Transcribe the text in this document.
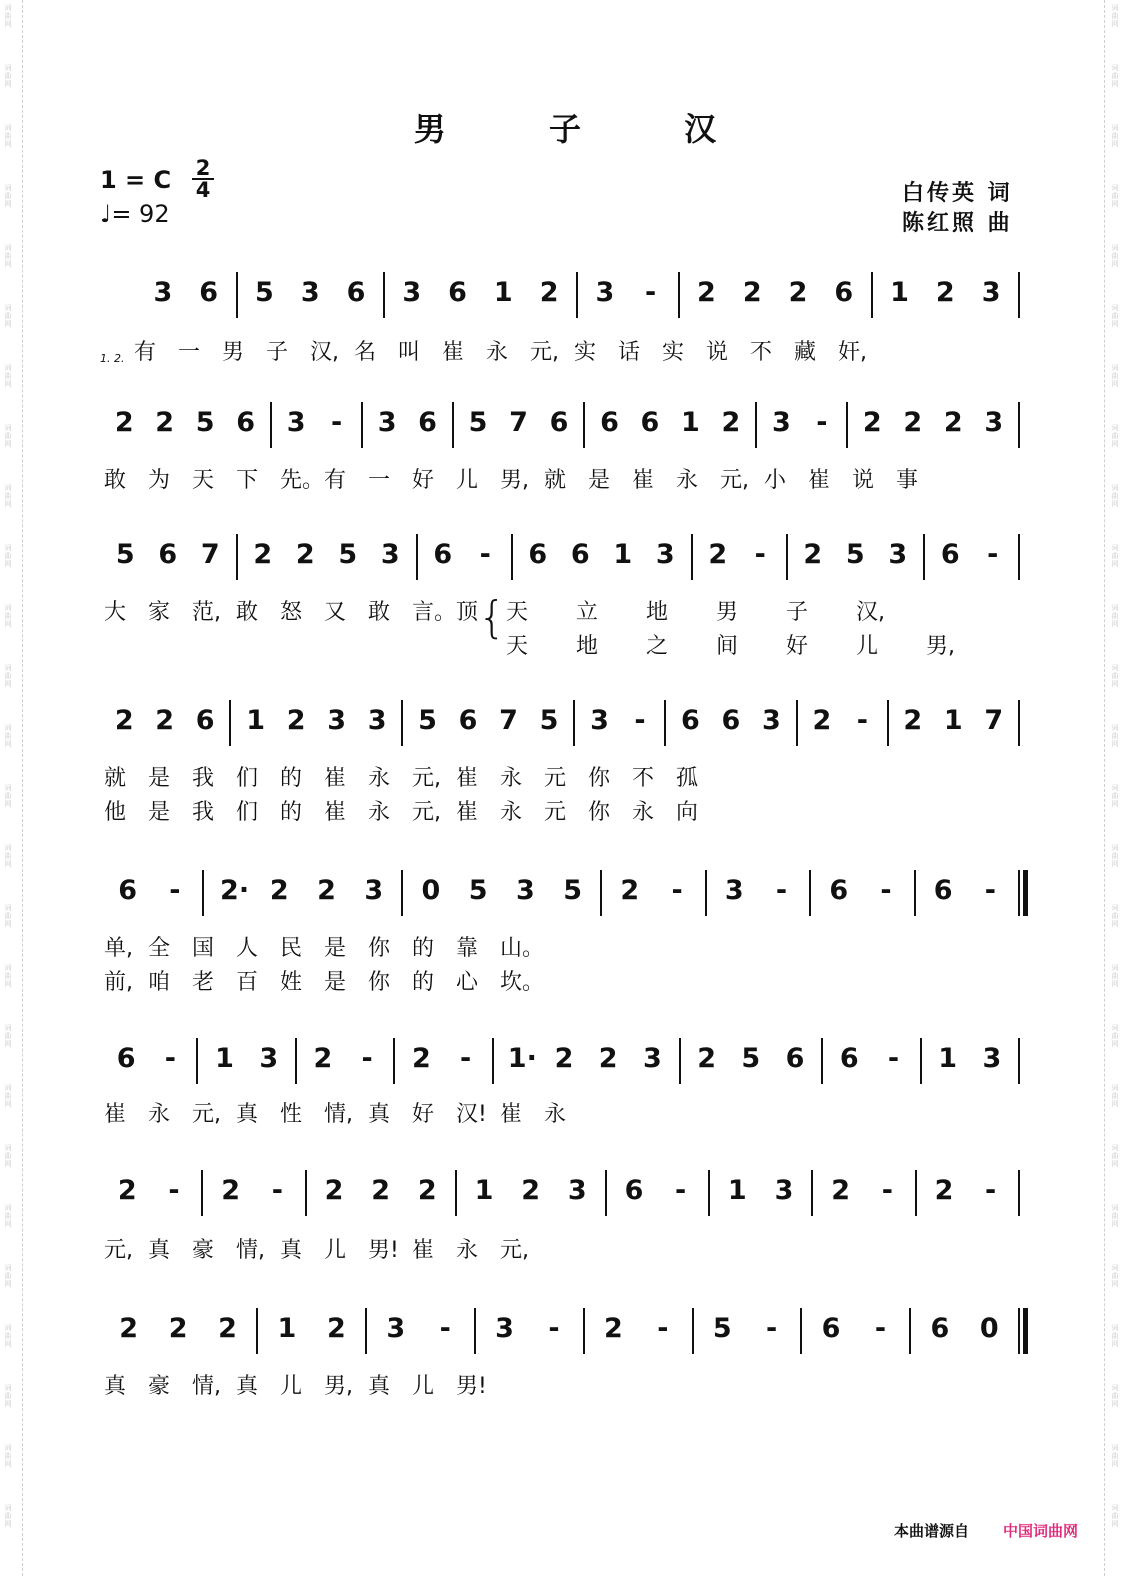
词
曲
网
词
曲
网
词
曲
网
词
曲
网
词
曲
网
词
曲
网
词
曲
网
词
曲
网
词
曲
网
词
曲
网
词
曲
网
词
曲
网
词
曲
网
词
曲
网
词
曲
网
词
曲
网
词
曲
网
词
曲
网
词
曲
网
词
曲
网
词
曲
网
词
曲
网
词
曲
网
词
曲
网
词
曲
网
词
曲
网
词
曲
网
词
曲
网
词
曲
网
词
曲
网
词
曲
网
词
曲
网
词
曲
网
词
曲
网
词
曲
网
词
曲
网
词
曲
网
词
曲
网
词
曲
网
词
曲
网
词
曲
网
词
曲
网
词
曲
网
词
曲
网
词
曲
网
词
曲
网
词
曲
网
词
曲
网
词
曲
网
词
曲
网
词
曲
网
词
曲
网
男 子 汉
1 = C 2
4
♩= 92
白传英 词
陈红照 曲
3 6 5 3 6 3 6 1 2 3 - 2 2 2 6 1 2 3
有 一 男 子 汉, 名 叫 崔 永 元, 实 话 实 说 不 藏 奸,
1. 2.
2 2 5 6 3 - 3 6 5 7 6 6 6 1 2 3 - 2 2 2 3
敢 为 天 下 先。 有 一 好 儿 男, 就 是 崔 永 元, 小 崔 说 事
5 6 7 2 2 5 3 6 - 6 6 1 3 2 - 2 5 3 6 -
大 家 范, 敢 怒 又 敢 言。 顶 天 立 地 男 子 汉,
天 地 之 间 好 儿 男,
{
2 2 6 1 2 3 3 5 6 7 5 3 - 6 6 3 2 - 2 1 7
就 是 我 们 的 崔 永 元, 崔 永 元 你 不 孤
他 是 我 们 的 崔 永 元, 崔 永 元 你 永 向
6 - 2· 2 2 3 0 5 3 5 2 - 3 - 6 - 6 -
单, 全 国 人 民 是 你 的 靠 山。
前, 咱 老 百 姓 是 你 的 心 坎。
6 - 1 3 2 - 2 - 1· 2 2 3 2 5 6 6 - 1 3
崔 永 元, 真 性 情, 真 好 汉! 崔 永
2 - 2 - 2 2 2 1 2 3 6 - 1 3 2 - 2 -
元, 真 豪 情, 真 儿 男! 崔 永 元,
2 2 2 1 2 3 - 3 - 2 - 5 - 6 - 6 0
真 豪 情, 真 儿 男, 真 儿 男!
本曲谱源自 中国词曲网
